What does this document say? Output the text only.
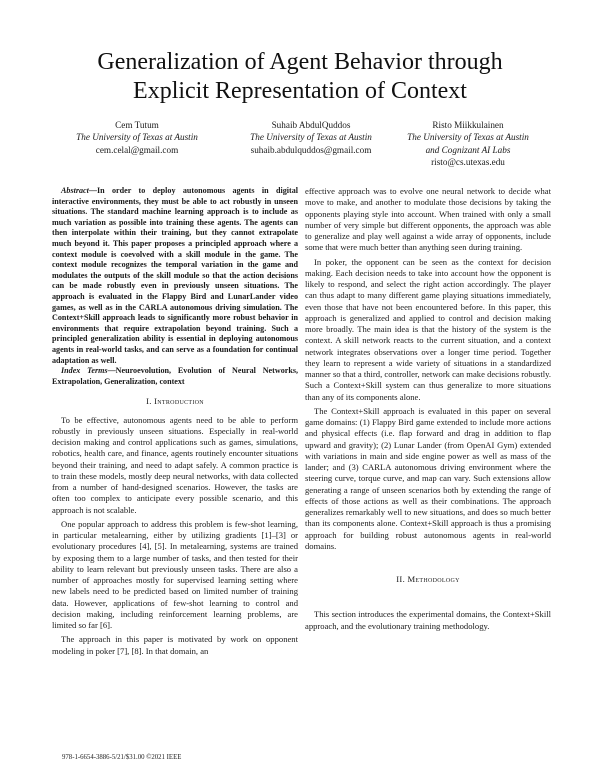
Generalization of Agent Behavior through
Explicit Representation of Context
Cem Tutum
The University of Texas at Austin
cem.celal@gmail.com
Suhaib AbdulQuddos
The University of Texas at Austin
suhaib.abdulquddos@gmail.com
Risto Miikkulainen
The University of Texas at Austin
and Cognizant AI Labs
risto@cs.utexas.edu

Abstract—In order to deploy autonomous agents in digital interactive environments, they must be able to act robustly in unseen situations. The standard machine learning approach is to include as much variation as possible into training these agents. The agents can then interpolate within their training, but they cannot extrapolate much beyond it. This paper proposes a principled approach where a context module is coevolved with a skill module in the game. The context module recognizes the temporal variation in the game and modulates the outputs of the skill module so that the action decisions can be made robustly even in previously unseen situations. The approach is evaluated in the Flappy Bird and LunarLander video games, as well as in the CARLA autonomous driving simulation. The Context+Skill approach leads to significantly more robust behavior in environments that require extrapolation beyond training. Such a principled generalization ability is essential in deploying autonomous agents in real-world tasks, and can serve as a foundation for continual adaptation as well.

Index Terms—Neuroevolution, Evolution of Neural Networks, Extrapolation, Generalization, context

I. Introduction

To be effective, autonomous agents need to be able to perform robustly in previously unseen situations. Especially in real-world decision making and control applications such as games, simulations, robotics, health care, and finance, agents routinely encounter situations beyond their training, and need to adapt safely. A common practice is to train these models, mostly deep neural networks, with data collected from a number of hand-designed scenarios. However, the tasks are often too complex to anticipate every possible scenario, and this approach is not scalable.

One popular approach to address this problem is few-shot learning, in particular metalearning, either by utilizing gradients [1]–[3] or evolutionary procedures [4], [5]. In metalearning, systems are trained by exposing them to a large number of tasks, and then tested for their ability to learn relevant but previously unseen tasks. There are also a number of approaches mostly for supervised learning setting where new labels need to be predicted based on limited number of training data. However, applications of few-shot learning to control and decision making, including reinforcement learning problems, are limited so far [6].

The approach in this paper is motivated by work on opponent modeling in poker [7], [8]. In that domain, an

effective approach was to evolve one neural network to decide what move to make, and another to modulate those decisions by taking the opponents playing style into account. When trained with only a small number of very simple but different opponents, the approach was able to generalize and play well against a wide array of opponents, include some that were much better than anything seen during training.

In poker, the opponent can be seen as the context for decision making. Each decision needs to take into account how the opponent is likely to respond, and select the right action accordingly. The player can thus adapt to many different game playing situations immediately, even those that have not been encountered before. In this paper, this approach is generalized and applied to control and decision making more broadly. The main idea is that the history of the system is the context. A skill network reacts to the current situation, and a context network integrates observations over a longer time period. Together they learn to represent a wide variety of situations in a standardized manner so that a third, controller, network can make decisions robustly. Such a Context+Skill system can thus generalize to more situations than any of its components alone.

The Context+Skill approach is evaluated in this paper on several game domains: (1) Flappy Bird game extended to include more actions and physical effects (i.e. flap forward and drag in addition to flap upward and gravity); (2) Lunar Lander (from OpenAI Gym) extended with variations in main and side engine power as well as mass of the lander; and (3) CARLA autonomous driving environment where the steering curve, torque curve, and map can vary. Such extensions allow generating a range of unseen scenarios both by extending the range of effects of those actions as well as their combinations. The approach generalizes remarkably well to new situations, and does so much better than its components alone. Context+Skill approach is thus a promising approach for building robust autonomous agents in real-world domains.

II. Methodology

This section introduces the experimental domains, the Context+Skill approach, and the evolutionary training methodology.

978-1-6654-3886-5/21/$31.00 ©2021 IEEE
